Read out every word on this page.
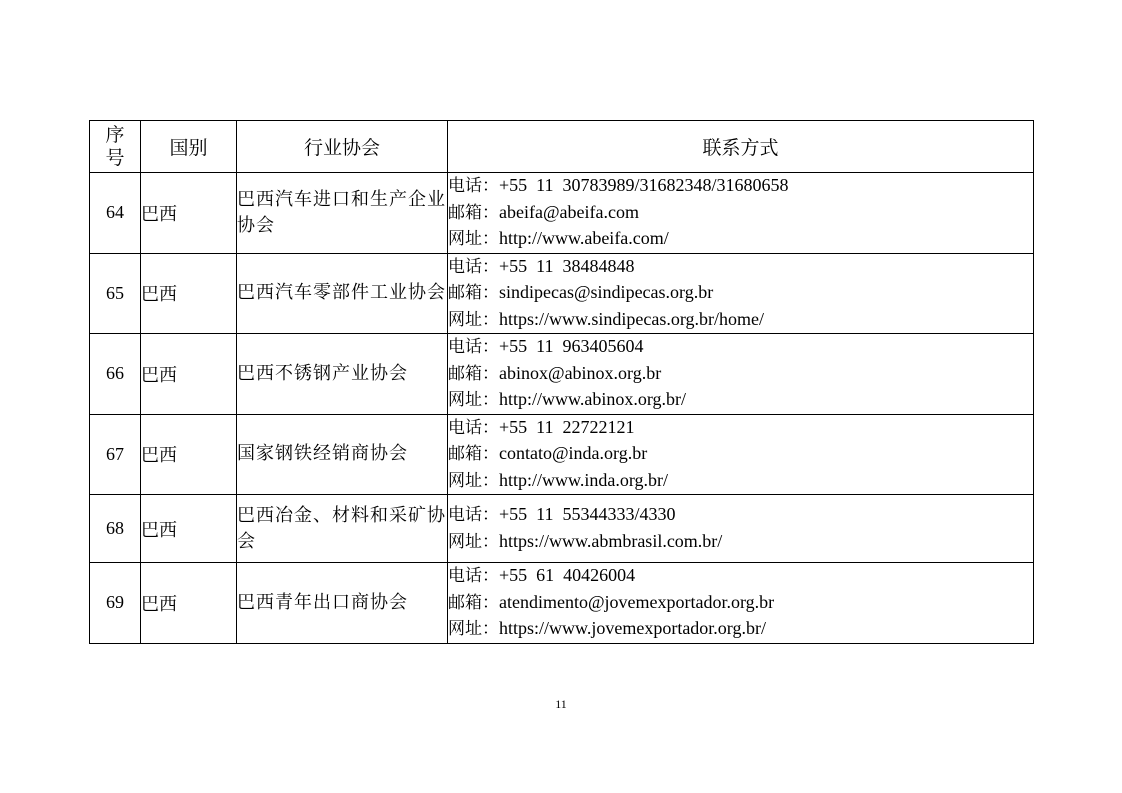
序
号	国别	行业协会	联系方式
64	巴西	巴西汽车进口和生产企业协会	电话：+55  11  30783989/31682348/31680658
邮箱：abeifa@abeifa.com
网址：http://www.abeifa.com/

65	巴西	巴西汽车零部件工业协会	电话：+55  11  38484848
邮箱：sindipecas@sindipecas.org.br
网址：https://www.sindipecas.org.br/home/

66	巴西	巴西不锈钢产业协会	电话：+55  11  963405604
邮箱：abinox@abinox.org.br
网址：http://www.abinox.org.br/

67	巴西	国家钢铁经销商协会	电话：+55  11  22722121
邮箱：contato@inda.org.br
网址：http://www.inda.org.br/

68	巴西	巴西冶金、材料和采矿协会	电话：+55  11  55344333/4330
网址：https://www.abmbrasil.com.br/

69	巴西	巴西青年出口商协会	电话：+55  61  40426004
邮箱：atendimento@jovemexportador.org.br
网址：https://www.jovemexportador.org.br/
11
